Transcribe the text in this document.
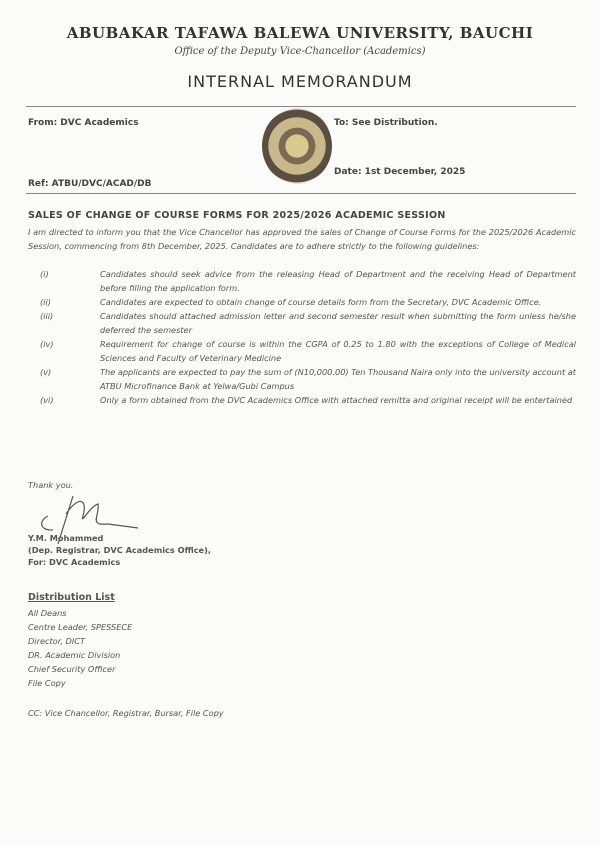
ABUBAKAR TAFAWA BALEWA UNIVERSITY, BAUCHI
Office of the Deputy Vice-Chancellor (Academics)
INTERNAL MEMORANDUM
From: DVC Academics	To: See Distribution.
Date: 1st December, 2025
Ref: ATBU/DVC/ACAD/DB
SALES OF CHANGE OF COURSE FORMS FOR 2025/2026 ACADEMIC SESSION
I am directed to inform you that the Vice Chancellor has approved the sales of Change of Course Forms for the 2025/2026 Academic Session, commencing from 8th December, 2025. Candidates are to adhere strictly to the following guidelines:
(i)	Candidates should seek advice from the releasing Head of Department and the receiving Head of Department before filling the application form.
(ii)	Candidates are expected to obtain change of course details form from the Secretary, DVC Academic Office.
(iii)	Candidates should attached admission letter and second semester result when submitting the form unless he/she deferred the semester
(iv)	Requirement for change of course is within the CGPA of 0.25 to 1.80 with the exceptions of College of Medical Sciences and Faculty of Veterinary Medicine
(v)	The applicants are expected to pay the sum of (N10,000.00) Ten Thousand Naira only into the university account at ATBU Microfinance Bank at Yelwa/Gubi Campus
(vi)	Only a form obtained from the DVC Academics Office with attached remitta and original receipt will be entertained
Thank you.
Y.M. Mohammed
(Dep. Registrar, DVC Academics Office),
For: DVC Academics
Distribution List
All Deans
Centre Leader, SPESSECE
Director, DICT
DR. Academic Division
Chief Security Officer
File Copy
CC: Vice Chancellor, Registrar, Bursar, File Copy
